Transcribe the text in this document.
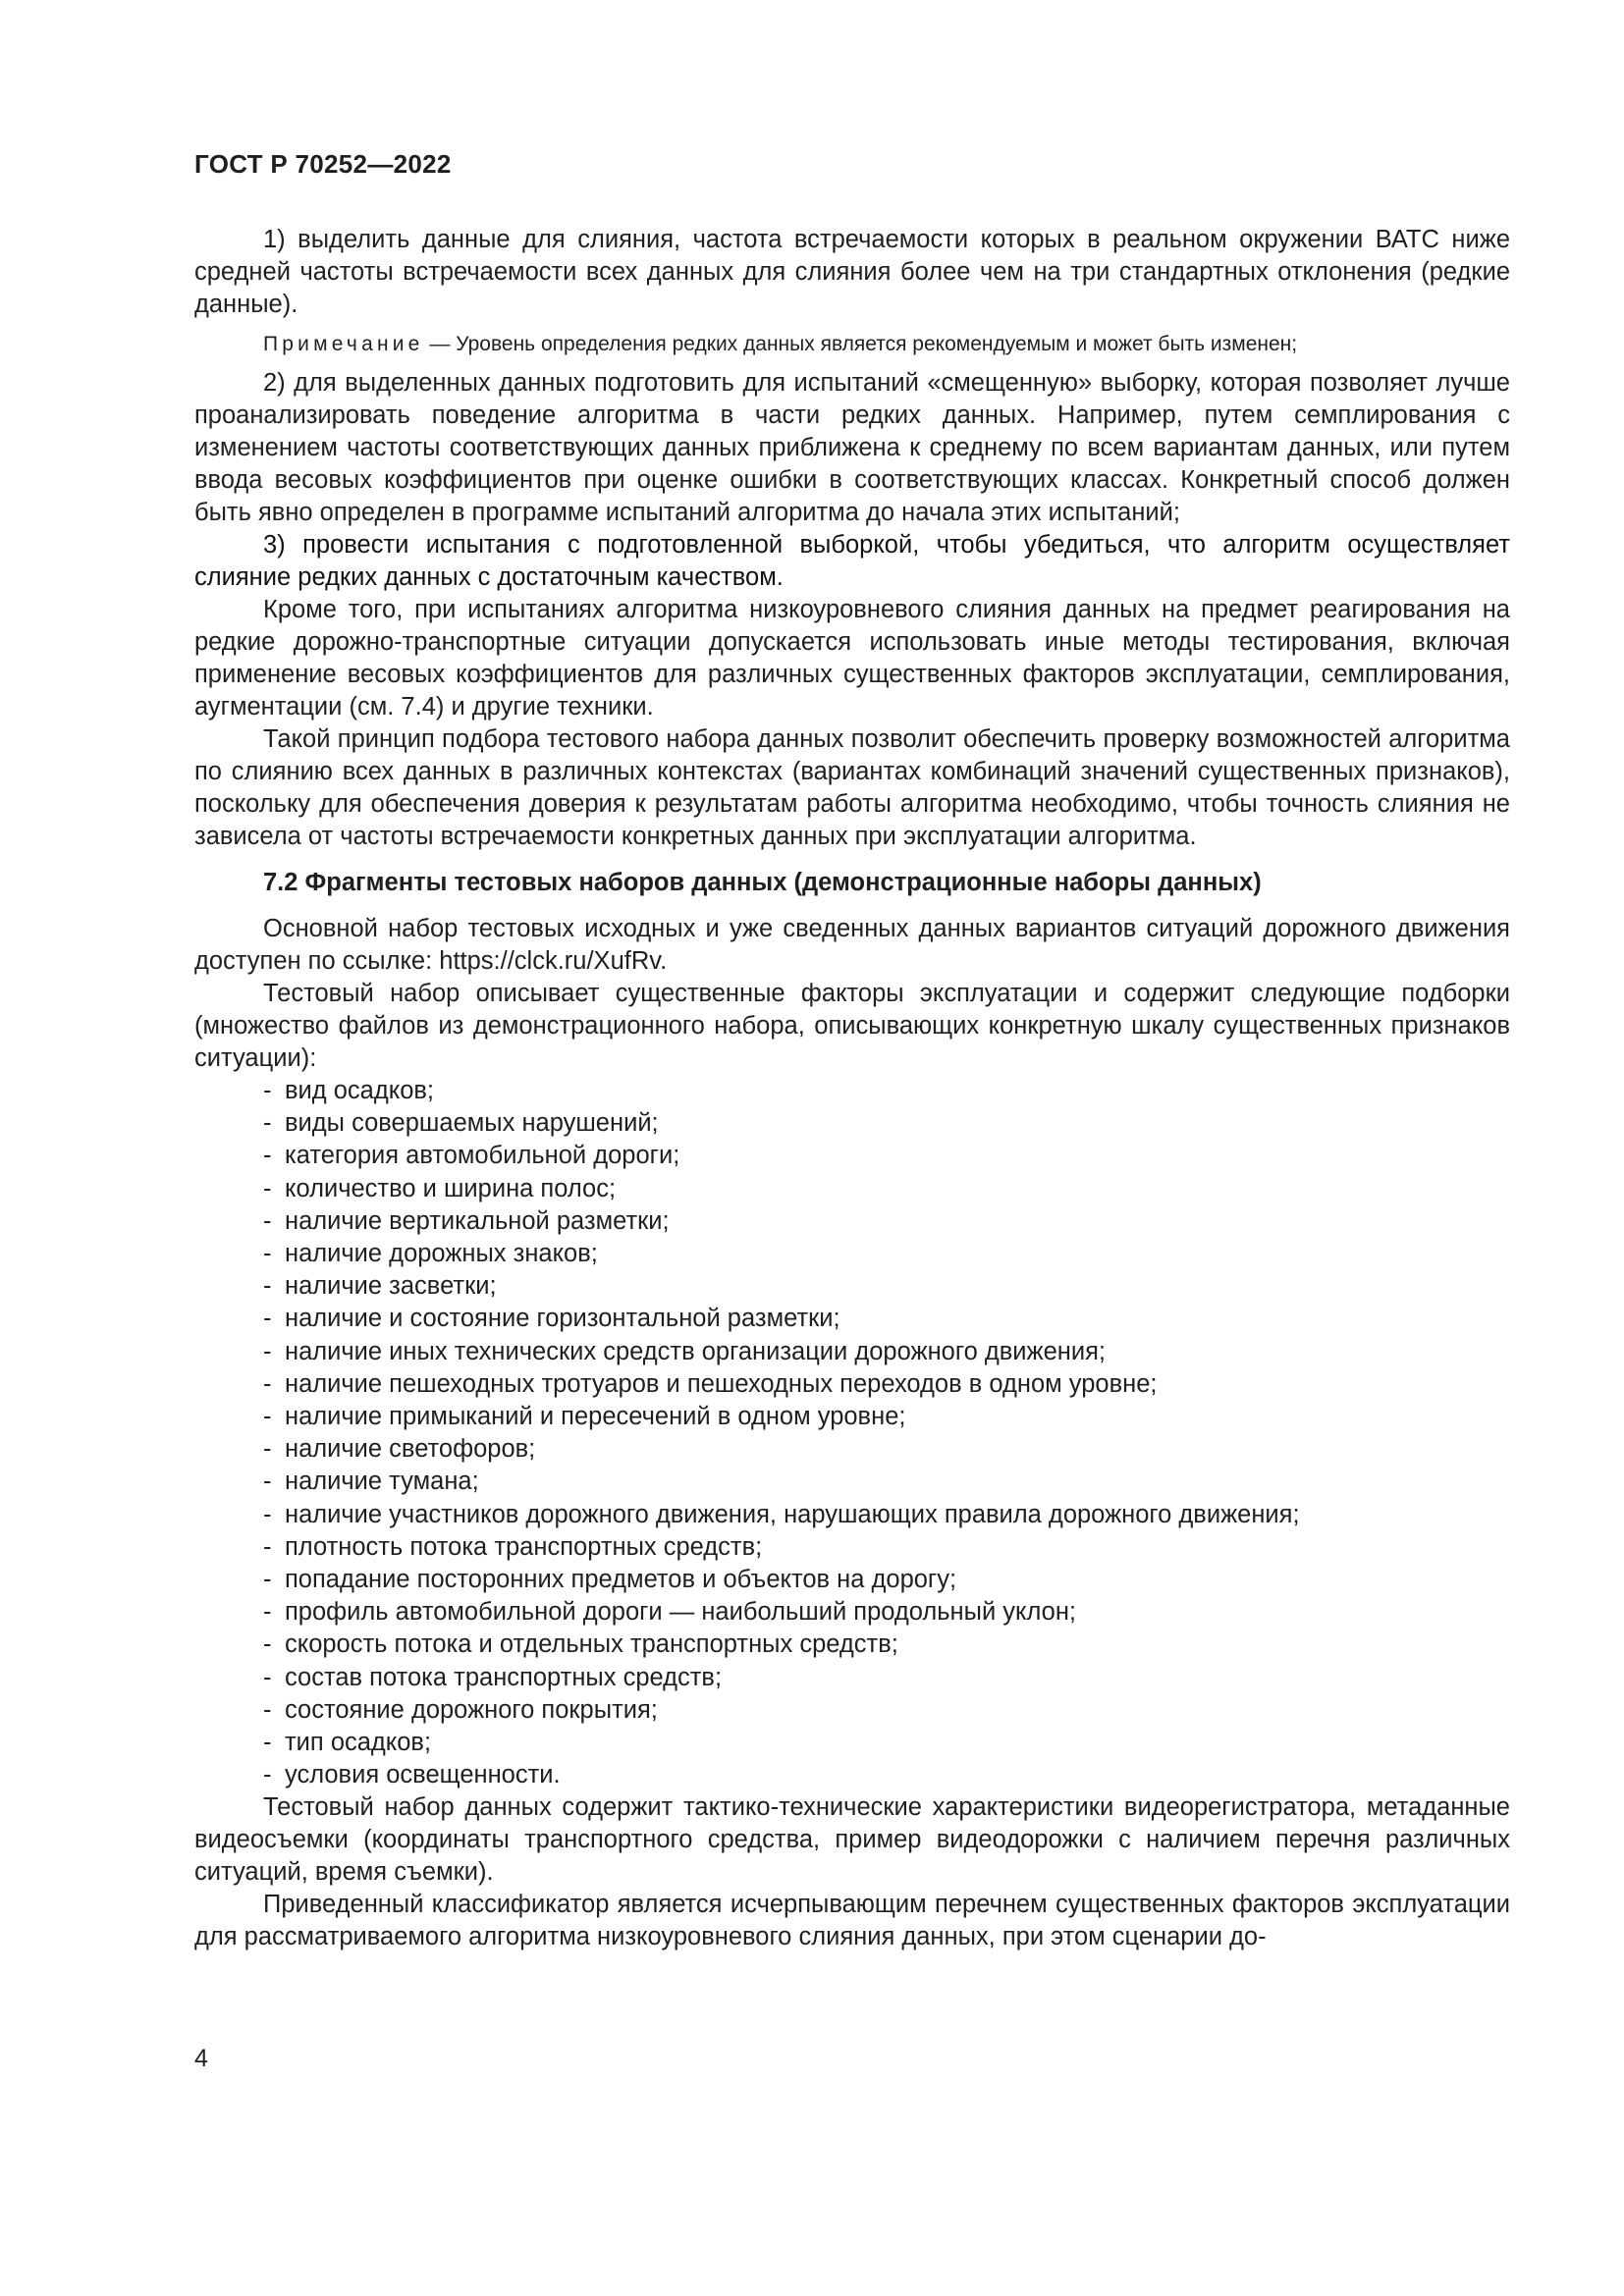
ГОСТ Р 70252—2022

1) выделить данные для слияния, частота встречаемости которых в реальном окружении ВАТС ниже средней частоты встречаемости всех данных для слияния более чем на три стандартных отклонения (редкие данные).

Примечание — Уровень определения редких данных является рекомендуемым и может быть изменен;

2) для выделенных данных подготовить для испытаний «смещенную» выборку, которая позволяет лучше проанализировать поведение алгоритма в части редких данных. Например, путем семплирования с изменением частоты соответствующих данных приближена к среднему по всем вариантам данных, или путем ввода весовых коэффициентов при оценке ошибки в соответствующих классах. Конкретный способ должен быть явно определен в программе испытаний алгоритма до начала этих испытаний;

3) провести испытания с подготовленной выборкой, чтобы убедиться, что алгоритм осуществляет слияние редких данных с достаточным качеством.

Кроме того, при испытаниях алгоритма низкоуровневого слияния данных на предмет реагирования на редкие дорожно-транспортные ситуации допускается использовать иные методы тестирования, включая применение весовых коэффициентов для различных существенных факторов эксплуатации, семплирования, аугментации (см. 7.4) и другие техники.

Такой принцип подбора тестового набора данных позволит обеспечить проверку возможностей алгоритма по слиянию всех данных в различных контекстах (вариантах комбинаций значений существенных признаков), поскольку для обеспечения доверия к результатам работы алгоритма необходимо, чтобы точность слияния не зависела от частоты встречаемости конкретных данных при эксплуатации алгоритма.

7.2 Фрагменты тестовых наборов данных (демонстрационные наборы данных)

Основной набор тестовых исходных и уже сведенных данных вариантов ситуаций дорожного движения доступен по ссылке: https://clck.ru/XufRv.

Тестовый набор описывает существенные факторы эксплуатации и содержит следующие подборки (множество файлов из демонстрационного набора, описывающих конкретную шкалу существенных признаков ситуации):

- вид осадков;
- виды совершаемых нарушений;
- категория автомобильной дороги;
- количество и ширина полос;
- наличие вертикальной разметки;
- наличие дорожных знаков;
- наличие засветки;
- наличие и состояние горизонтальной разметки;
- наличие иных технических средств организации дорожного движения;
- наличие пешеходных тротуаров и пешеходных переходов в одном уровне;
- наличие примыканий и пересечений в одном уровне;
- наличие светофоров;
- наличие тумана;
- наличие участников дорожного движения, нарушающих правила дорожного движения;
- плотность потока транспортных средств;
- попадание посторонних предметов и объектов на дорогу;
- профиль автомобильной дороги — наибольший продольный уклон;
- скорость потока и отдельных транспортных средств;
- состав потока транспортных средств;
- состояние дорожного покрытия;
- тип осадков;
- условия освещенности.

Тестовый набор данных содержит тактико-технические характеристики видеорегистратора, метаданные видеосъемки (координаты транспортного средства, пример видеодорожки с наличием перечня различных ситуаций, время съемки).

Приведенный классификатор является исчерпывающим перечнем существенных факторов эксплуатации для рассматриваемого алгоритма низкоуровневого слияния данных, при этом сценарии до-

4
